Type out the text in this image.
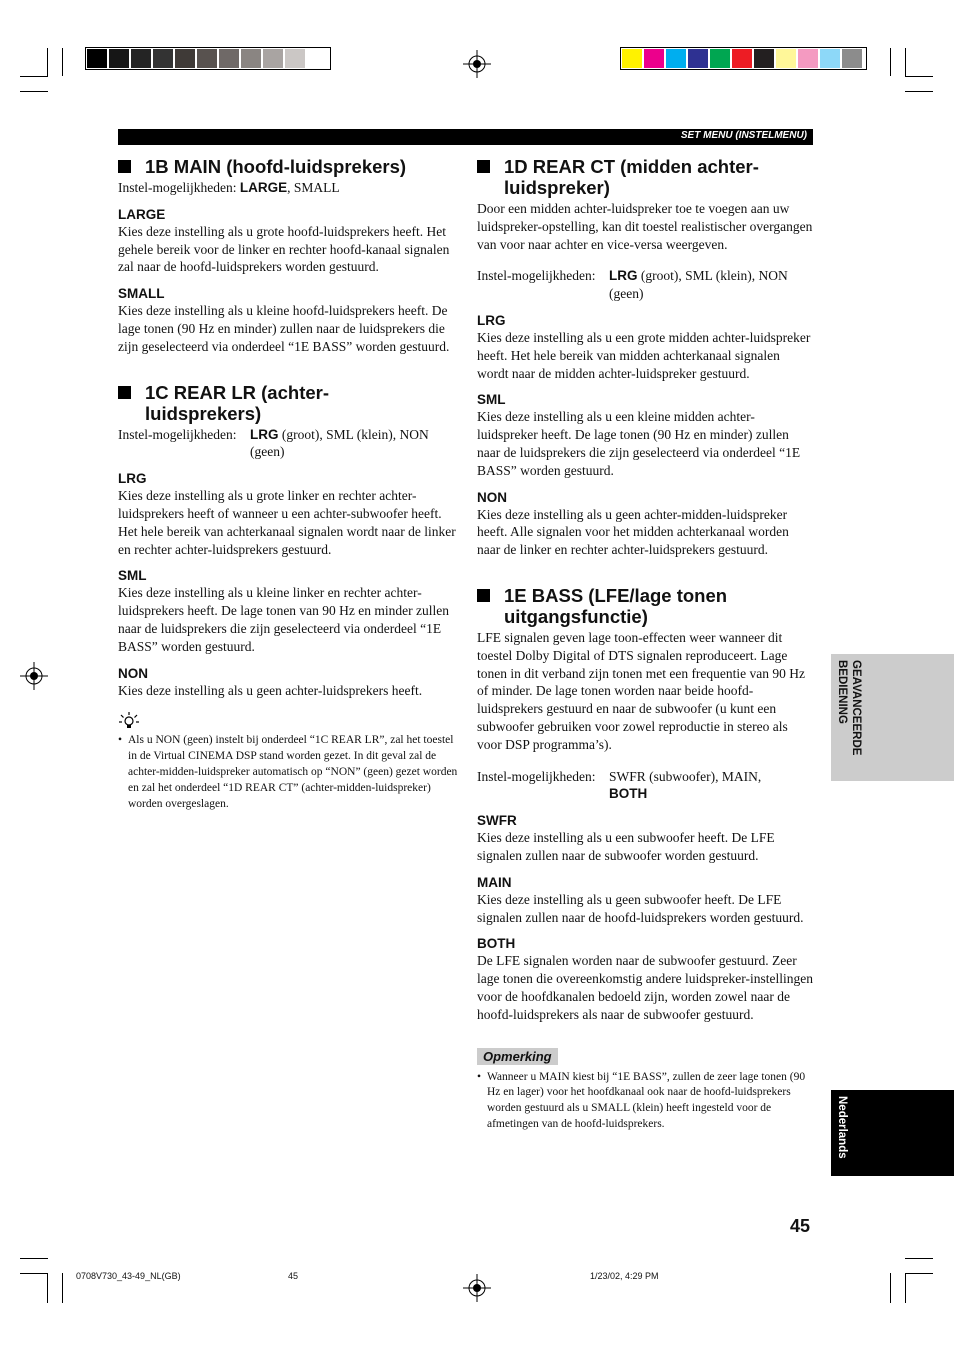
SET MENU (INSTELMENU)
1B MAIN (hoofd-luidsprekers)
Instel-mogelijkheden: LARGE, SMALL
LARGE

Kies deze instelling als u grote hoofd-luidsprekers heeft. Het gehele bereik voor de linker en rechter hoofd-kanaal signalen zal naar de hoofd-luidsprekers worden gestuurd.

SMALL

Kies deze instelling als u kleine hoofd-luidsprekers heeft. De lage tonen (90 Hz en minder) zullen naar de luidsprekers die zijn geselecteerd via onderdeel “1E BASS” worden gestuurd.

1C REAR LR (achter-
luidsprekers)
Instel-mogelijkheden: LRG (groot), SML (klein), NON
(geen)

LRG

Kies deze instelling als u grote linker en rechter achter-luidsprekers heeft of wanneer u een achter-subwoofer heeft. Het hele bereik van achterkanaal signalen wordt naar de linker en rechter achter-luidsprekers gestuurd.

SML

Kies deze instelling als u kleine linker en rechter achter-luidsprekers heeft. De lage tonen van 90 Hz en minder zullen naar de luidsprekers die zijn geselecteerd via onderdeel “1E BASS” worden gestuurd.

NON

Kies deze instelling als u geen achter-luidsprekers heeft.

• Als u NON (geen) instelt bij onderdeel “1C REAR LR”, zal het toestel in de Virtual CINEMA DSP stand worden gezet. In dit geval zal de achter-midden-luidspreker automatisch op “NON” (geen) gezet worden en zal het onderdeel “1D REAR CT” (achter-midden-luidspreker) worden overgeslagen.
1D REAR CT (midden achter-
luidspreker)

Door een midden achter-luidspreker toe te voegen aan uw luidspreker-opstelling, kan dit toestel realistischer overgangen van voor naar achter en vice-versa weergeven.

Instel-mogelijkheden: LRG (groot), SML (klein), NON
(geen)

LRG

Kies deze instelling als u een grote midden achter-luidspreker heeft. Het hele bereik van midden achterkanaal signalen wordt naar de midden achter-luidspreker gestuurd.

SML

Kies deze instelling als u een kleine midden achter-luidspreker heeft. De lage tonen (90 Hz en minder) zullen naar de luidsprekers die zijn geselecteerd via onderdeel “1E BASS” worden gestuurd.

NON

Kies deze instelling als u geen achter-midden-luidspreker heeft. Alle signalen voor het midden achterkanaal worden naar de linker en rechter achter-luidsprekers gestuurd.

1E BASS (LFE/lage tonen
uitgangsfunctie)

LFE signalen geven lage toon-effecten weer wanneer dit toestel Dolby Digital of DTS signalen reproduceert. Lage tonen in dit verband zijn tonen met een frequentie van 90 Hz of minder. De lage tonen worden naar beide hoofd-luidsprekers gestuurd en naar de subwoofer (u kunt een subwoofer gebruiken voor zowel reproductie in stereo als voor DSP programma’s).

Instel-mogelijkheden: SWFR (subwoofer), MAIN,
BOTH

SWFR

Kies deze instelling als u een subwoofer heeft. De LFE signalen zullen naar de subwoofer worden gestuurd.

MAIN

Kies deze instelling als u geen subwoofer heeft. De LFE signalen zullen naar de hoofd-luidsprekers worden gestuurd.

BOTH

De LFE signalen worden naar de subwoofer gestuurd. Zeer lage tonen die overeenkomstig andere luidspreker-instellingen voor de hoofdkanalen bedoeld zijn, worden zowel naar de hoofd-luidsprekers als naar de subwoofer gestuurd.

Opmerking
• Wanneer u MAIN kiest bij “1E BASS”, zullen de zeer lage tonen (90 Hz en lager) voor het hoofdkanaal ook naar de hoofd-luidsprekers worden gestuurd als u SMALL (klein) heeft ingesteld voor de afmetingen van de hoofd-luidsprekers.
GEAVANCEERDE
BEDIENING
Nederlands
45
0708V730_43-49_NL(GB)	45	1/23/02, 4:29 PM
